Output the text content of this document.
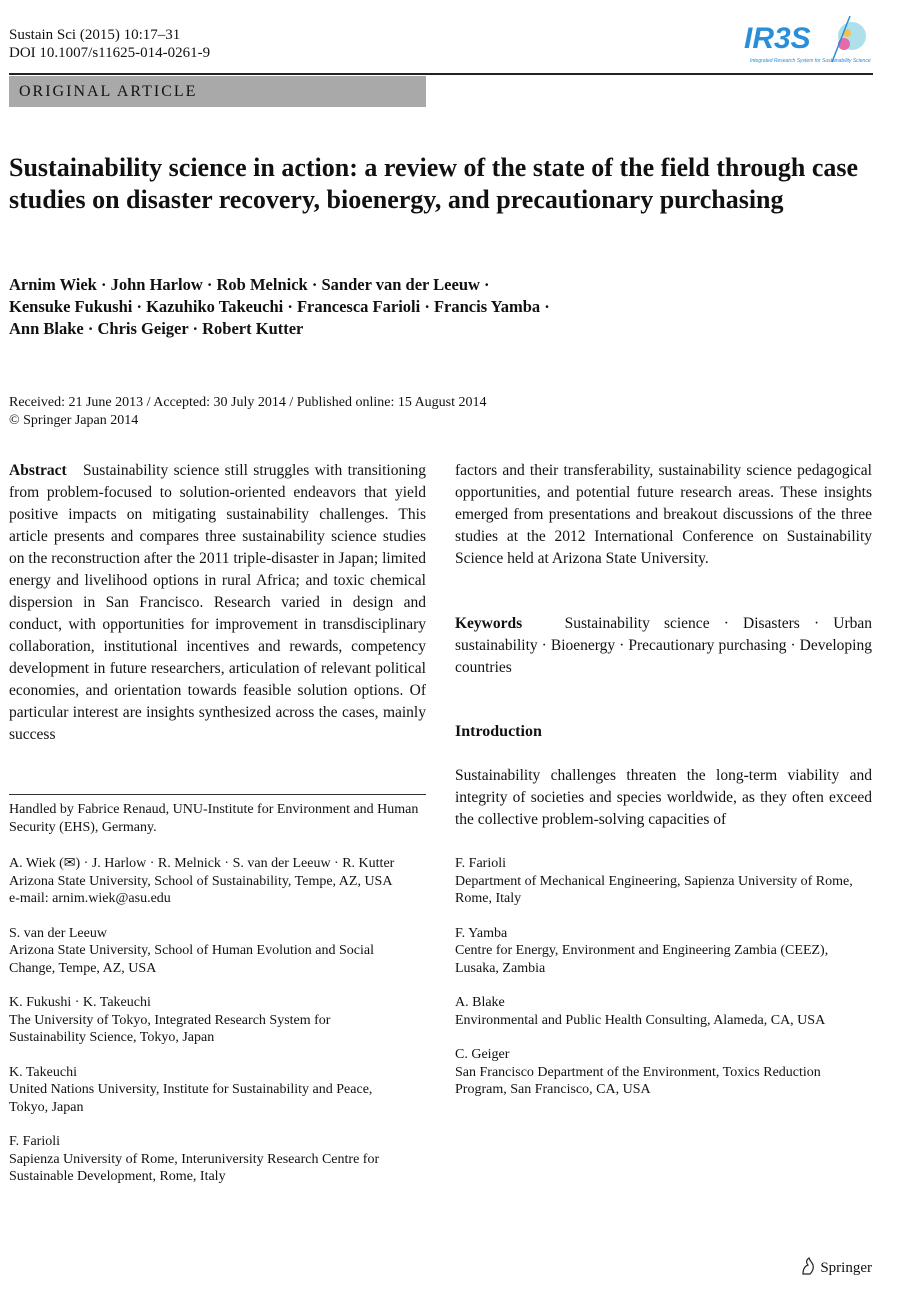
Sustain Sci (2015) 10:17–31
DOI 10.1007/s11625-014-0261-9	IR3S
Integrated Research System for Sustainability Science
ORIGINAL ARTICLE
Sustainability science in action: a review of the state of the field through case studies on disaster recovery, bioenergy, and precautionary purchasing
Arnim Wiek · John Harlow · Rob Melnick · Sander van der Leeuw ·
Kensuke Fukushi · Kazuhiko Takeuchi · Francesca Farioli · Francis Yamba ·
Ann Blake · Chris Geiger · Robert Kutter
Received: 21 June 2013 / Accepted: 30 July 2014 / Published online: 15 August 2014
© Springer Japan 2014
Abstract Sustainability science still struggles with transitioning from problem-focused to solution-oriented endeavors that yield positive impacts on mitigating sustainability challenges. This article presents and compares three sustainability science studies on the reconstruction after the 2011 triple-disaster in Japan; limited energy and livelihood options in rural Africa; and toxic chemical dispersion in San Francisco. Research varied in design and conduct, with opportunities for improvement in transdisciplinary collaboration, institutional incentives and rewards, competency development in future researchers, articulation of relevant political economies, and orientation towards feasible solution options. Of particular interest are insights synthesized across the cases, mainly success
Handled by Fabrice Renaud, UNU-Institute for Environment and Human Security (EHS), Germany.

A. Wiek (✉) · J. Harlow · R. Melnick · S. van der Leeuw · R. Kutter
Arizona State University, School of Sustainability, Tempe, AZ, USA
e-mail: arnim.wiek@asu.edu

S. van der Leeuw
Arizona State University, School of Human Evolution and Social Change, Tempe, AZ, USA

K. Fukushi · K. Takeuchi
The University of Tokyo, Integrated Research System for Sustainability Science, Tokyo, Japan

K. Takeuchi
United Nations University, Institute for Sustainability and Peace, Tokyo, Japan

F. Farioli
Sapienza University of Rome, Interuniversity Research Centre for Sustainable Development, Rome, Italy

factors and their transferability, sustainability science pedagogical opportunities, and potential future research areas. These insights emerged from presentations and breakout discussions of the three studies at the 2012 International Conference on Sustainability Science held at Arizona State University.
Keywords	Sustainability science · Disasters · Urban sustainability · Bioenergy · Precautionary purchasing · Developing countries
Introduction
Sustainability challenges threaten the long-term viability and integrity of societies and species worldwide, as they often exceed the collective problem-solving capacities of

F. Farioli
Department of Mechanical Engineering, Sapienza University of Rome, Rome, Italy

F. Yamba
Centre for Energy, Environment and Engineering Zambia (CEEZ), Lusaka, Zambia

A. Blake
Environmental and Public Health Consulting, Alameda, CA, USA

C. Geiger
San Francisco Department of the Environment, Toxics Reduction Program, San Francisco, CA, USA

Springer
